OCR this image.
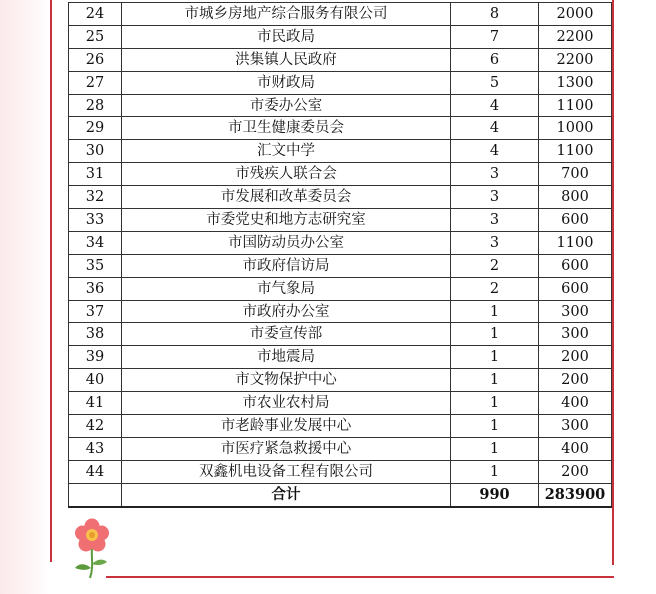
24	市城乡房地产综合服务有限公司	8	2000
25	市民政局	7	2200
26	洪集镇人民政府	6	2200
27	市财政局	5	1300
28	市委办公室	4	1100
29	市卫生健康委员会	4	1000
30	汇文中学	4	1100
31	市残疾人联合会	3	700
32	市发展和改革委员会	3	800
33	市委党史和地方志研究室	3	600
34	市国防动员办公室	3	1100
35	市政府信访局	2	600
36	市气象局	2	600
37	市政府办公室	1	300
38	市委宣传部	1	300
39	市地震局	1	200
40	市文物保护中心	1	200
41	市农业农村局	1	400
42	市老龄事业发展中心	1	300
43	市医疗紧急救援中心	1	400
44	双鑫机电设备工程有限公司	1	200
	合计	990	283900
